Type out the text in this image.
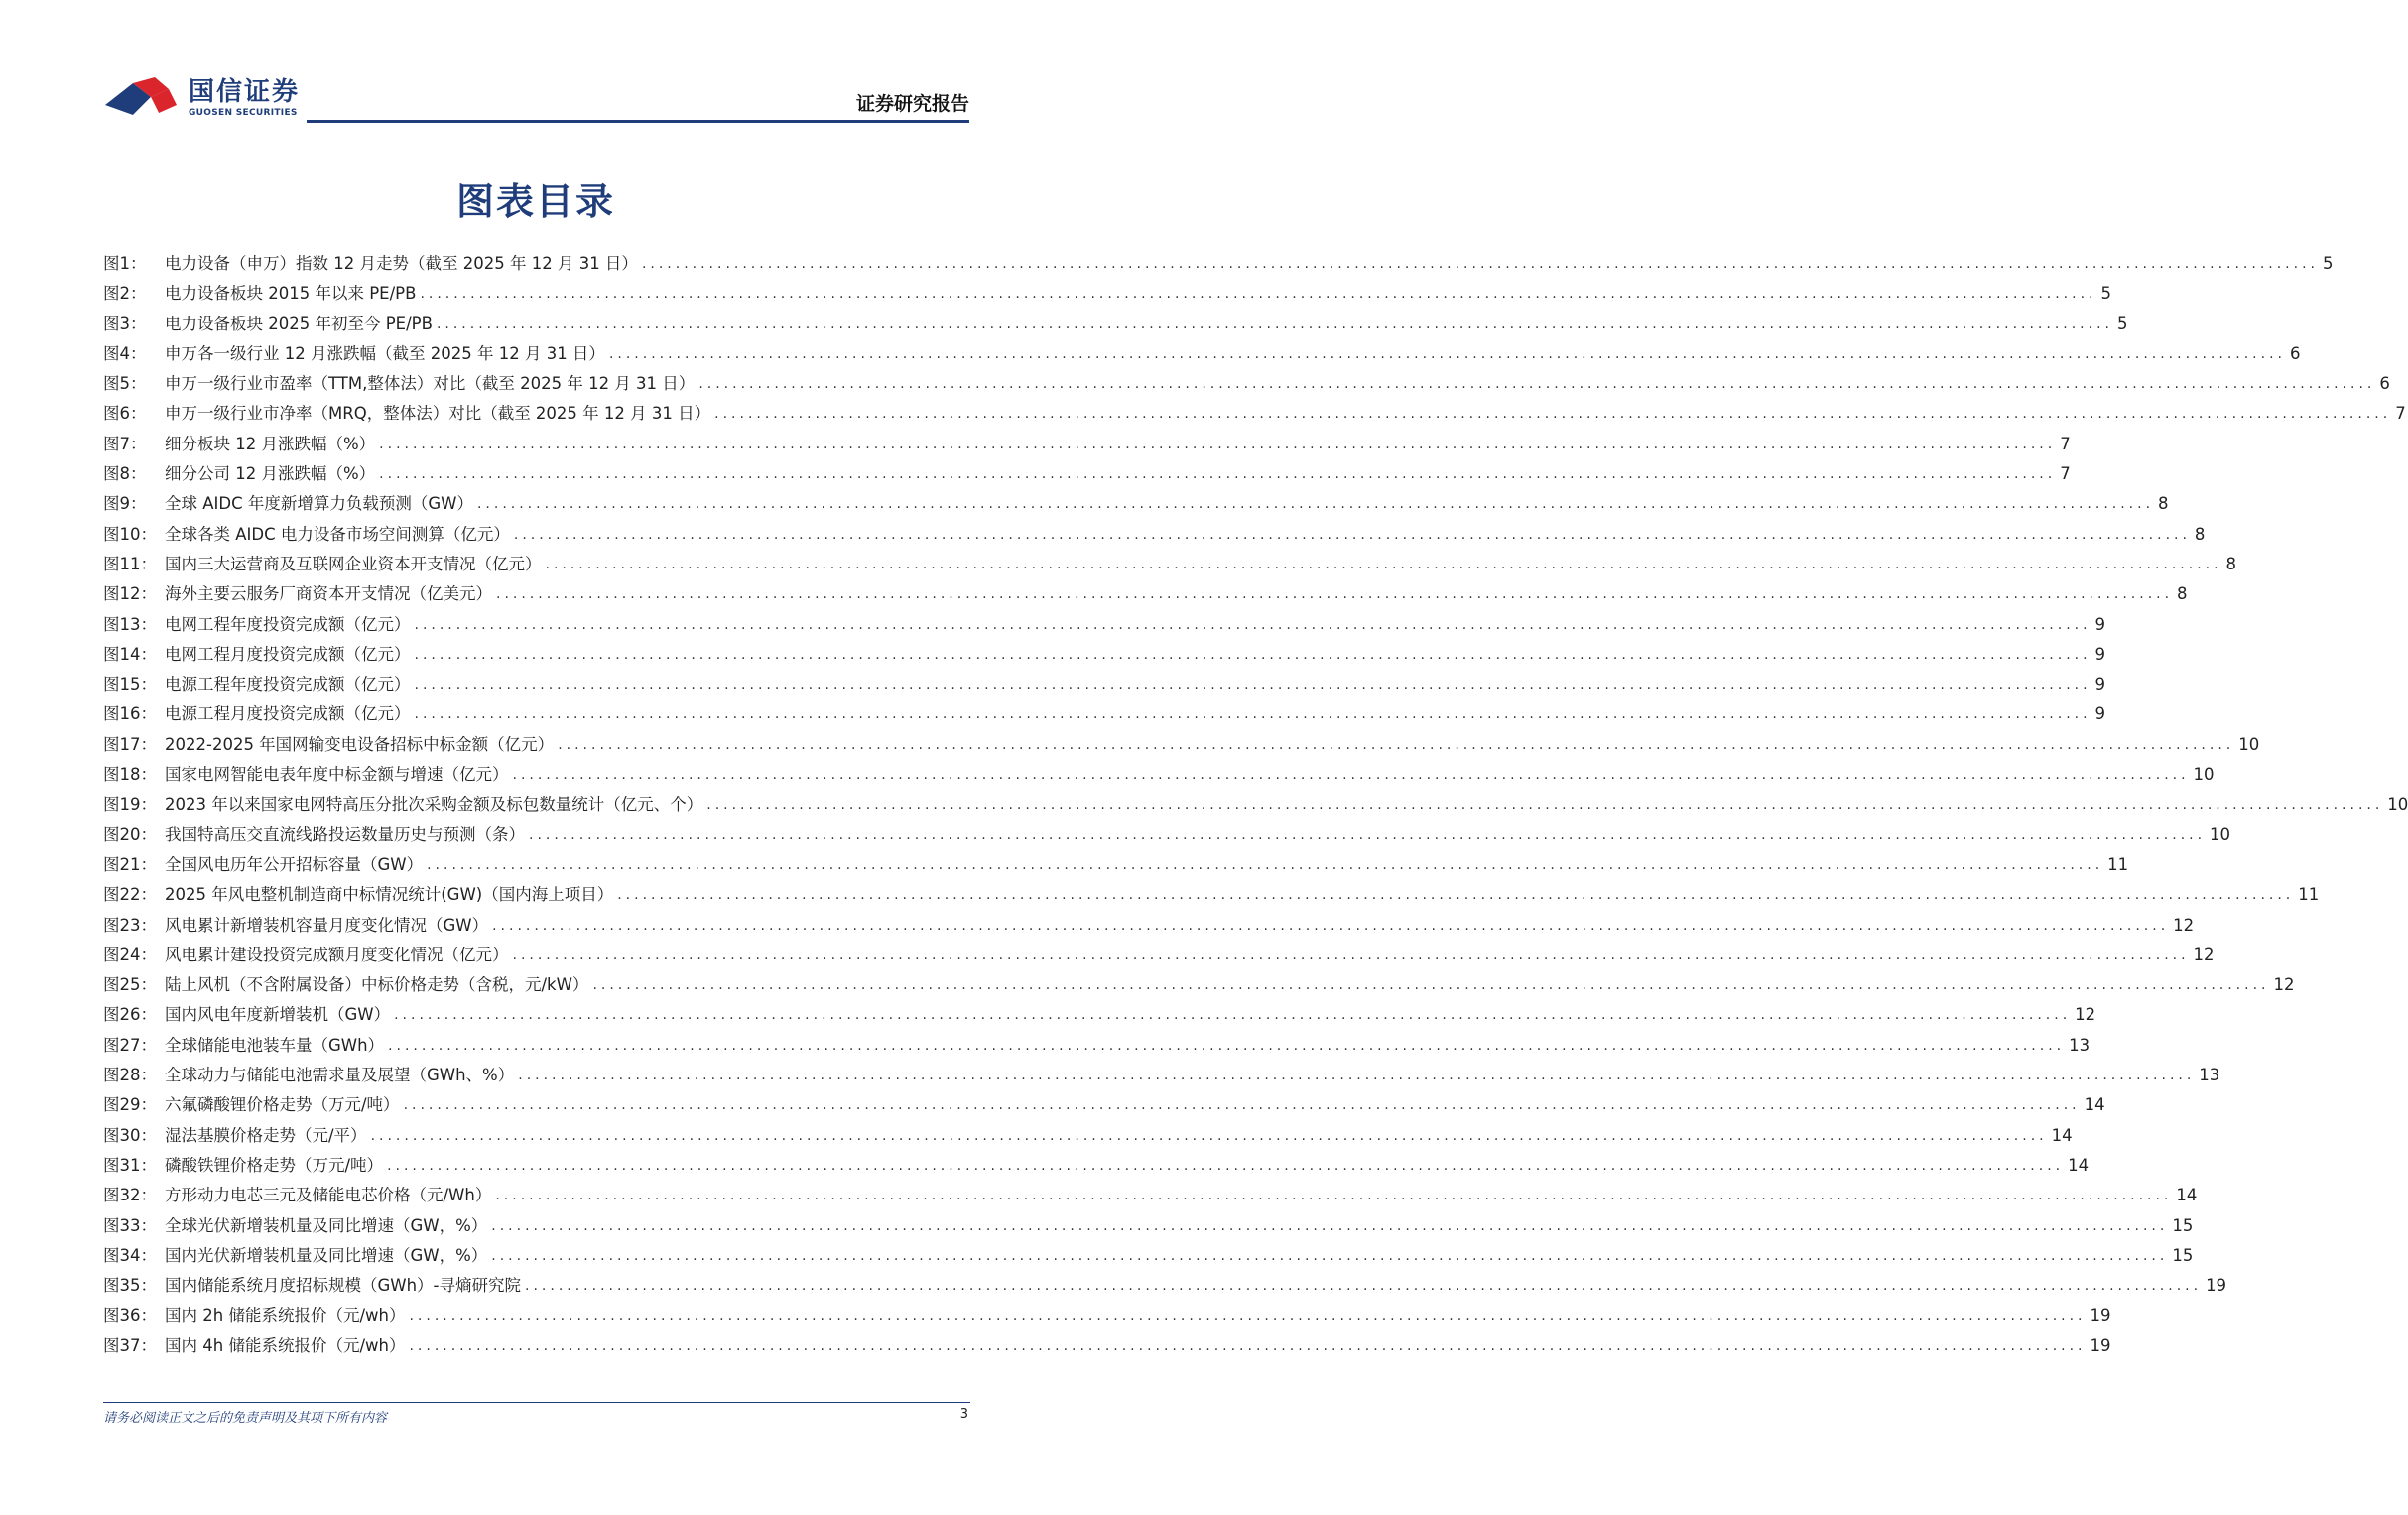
国信证券
GUOSEN SECURITIES	证券研究报告
图表目录
图1：	电力设备（申万）指数 12 月走势（截至 2025 年 12 月 31 日） ........................................................................................................................................................................................................ 5
图2：	电力设备板块 2015 年以来 PE/PB ........................................................................................................................................................................................................ 5
图3：	电力设备板块 2025 年初至今 PE/PB ........................................................................................................................................................................................................ 5
图4：	申万各一级行业 12 月涨跌幅（截至 2025 年 12 月 31 日） ........................................................................................................................................................................................................ 6
图5：	申万一级行业市盈率（TTM,整体法）对比（截至 2025 年 12 月 31 日） ........................................................................................................................................................................................................ 6
图6：	申万一级行业市净率（MRQ，整体法）对比（截至 2025 年 12 月 31 日） ........................................................................................................................................................................................................ 7
图7：	细分板块 12 月涨跌幅（%） ........................................................................................................................................................................................................ 7
图8：	细分公司 12 月涨跌幅（%） ........................................................................................................................................................................................................ 7
图9：	全球 AIDC 年度新增算力负载预测（GW） ........................................................................................................................................................................................................ 8
图10： 全球各类 AIDC 电力设备市场空间测算（亿元） ........................................................................................................................................................................................................ 8
图11： 国内三大运营商及互联网企业资本开支情况（亿元） ........................................................................................................................................................................................................ 8
图12： 海外主要云服务厂商资本开支情况（亿美元） ........................................................................................................................................................................................................ 8
图13： 电网工程年度投资完成额（亿元） ........................................................................................................................................................................................................ 9
图14： 电网工程月度投资完成额（亿元） ........................................................................................................................................................................................................ 9
图15： 电源工程年度投资完成额（亿元） ........................................................................................................................................................................................................ 9
图16： 电源工程月度投资完成额（亿元） ........................................................................................................................................................................................................ 9
图17： 2022-2025 年国网输变电设备招标中标金额（亿元） ........................................................................................................................................................................................................ 10
图18： 国家电网智能电表年度中标金额与增速（亿元） ........................................................................................................................................................................................................ 10
图19： 2023 年以来国家电网特高压分批次采购金额及标包数量统计（亿元、个） ........................................................................................................................................................................................................ 10
图20： 我国特高压交直流线路投运数量历史与预测（条） ........................................................................................................................................................................................................ 10
图21： 全国风电历年公开招标容量（GW） ........................................................................................................................................................................................................ 11
图22： 2025 年风电整机制造商中标情况统计(GW)（国内海上项目） ........................................................................................................................................................................................................ 11
图23： 风电累计新增装机容量月度变化情况（GW） ........................................................................................................................................................................................................ 12
图24： 风电累计建设投资完成额月度变化情况（亿元） ........................................................................................................................................................................................................ 12
图25： 陆上风机（不含附属设备）中标价格走势（含税，元/kW） ........................................................................................................................................................................................................ 12
图26： 国内风电年度新增装机（GW） ........................................................................................................................................................................................................ 12
图27： 全球储能电池装车量（GWh） ........................................................................................................................................................................................................ 13
图28： 全球动力与储能电池需求量及展望（GWh、%） ........................................................................................................................................................................................................ 13
图29： 六氟磷酸锂价格走势（万元/吨） ........................................................................................................................................................................................................ 14
图30： 湿法基膜价格走势（元/平） ........................................................................................................................................................................................................ 14
图31： 磷酸铁锂价格走势（万元/吨） ........................................................................................................................................................................................................ 14
图32： 方形动力电芯三元及储能电芯价格（元/Wh） ........................................................................................................................................................................................................ 14
图33： 全球光伏新增装机量及同比增速（GW，%） ........................................................................................................................................................................................................ 15
图34： 国内光伏新增装机量及同比增速（GW，%） ........................................................................................................................................................................................................ 15
图35： 国内储能系统月度招标规模（GWh）-寻熵研究院 ........................................................................................................................................................................................................ 19
图36： 国内 2h 储能系统报价（元/wh） ........................................................................................................................................................................................................ 19
图37： 国内 4h 储能系统报价（元/wh） ........................................................................................................................................................................................................ 19
请务必阅读正文之后的免责声明及其项下所有内容	3
